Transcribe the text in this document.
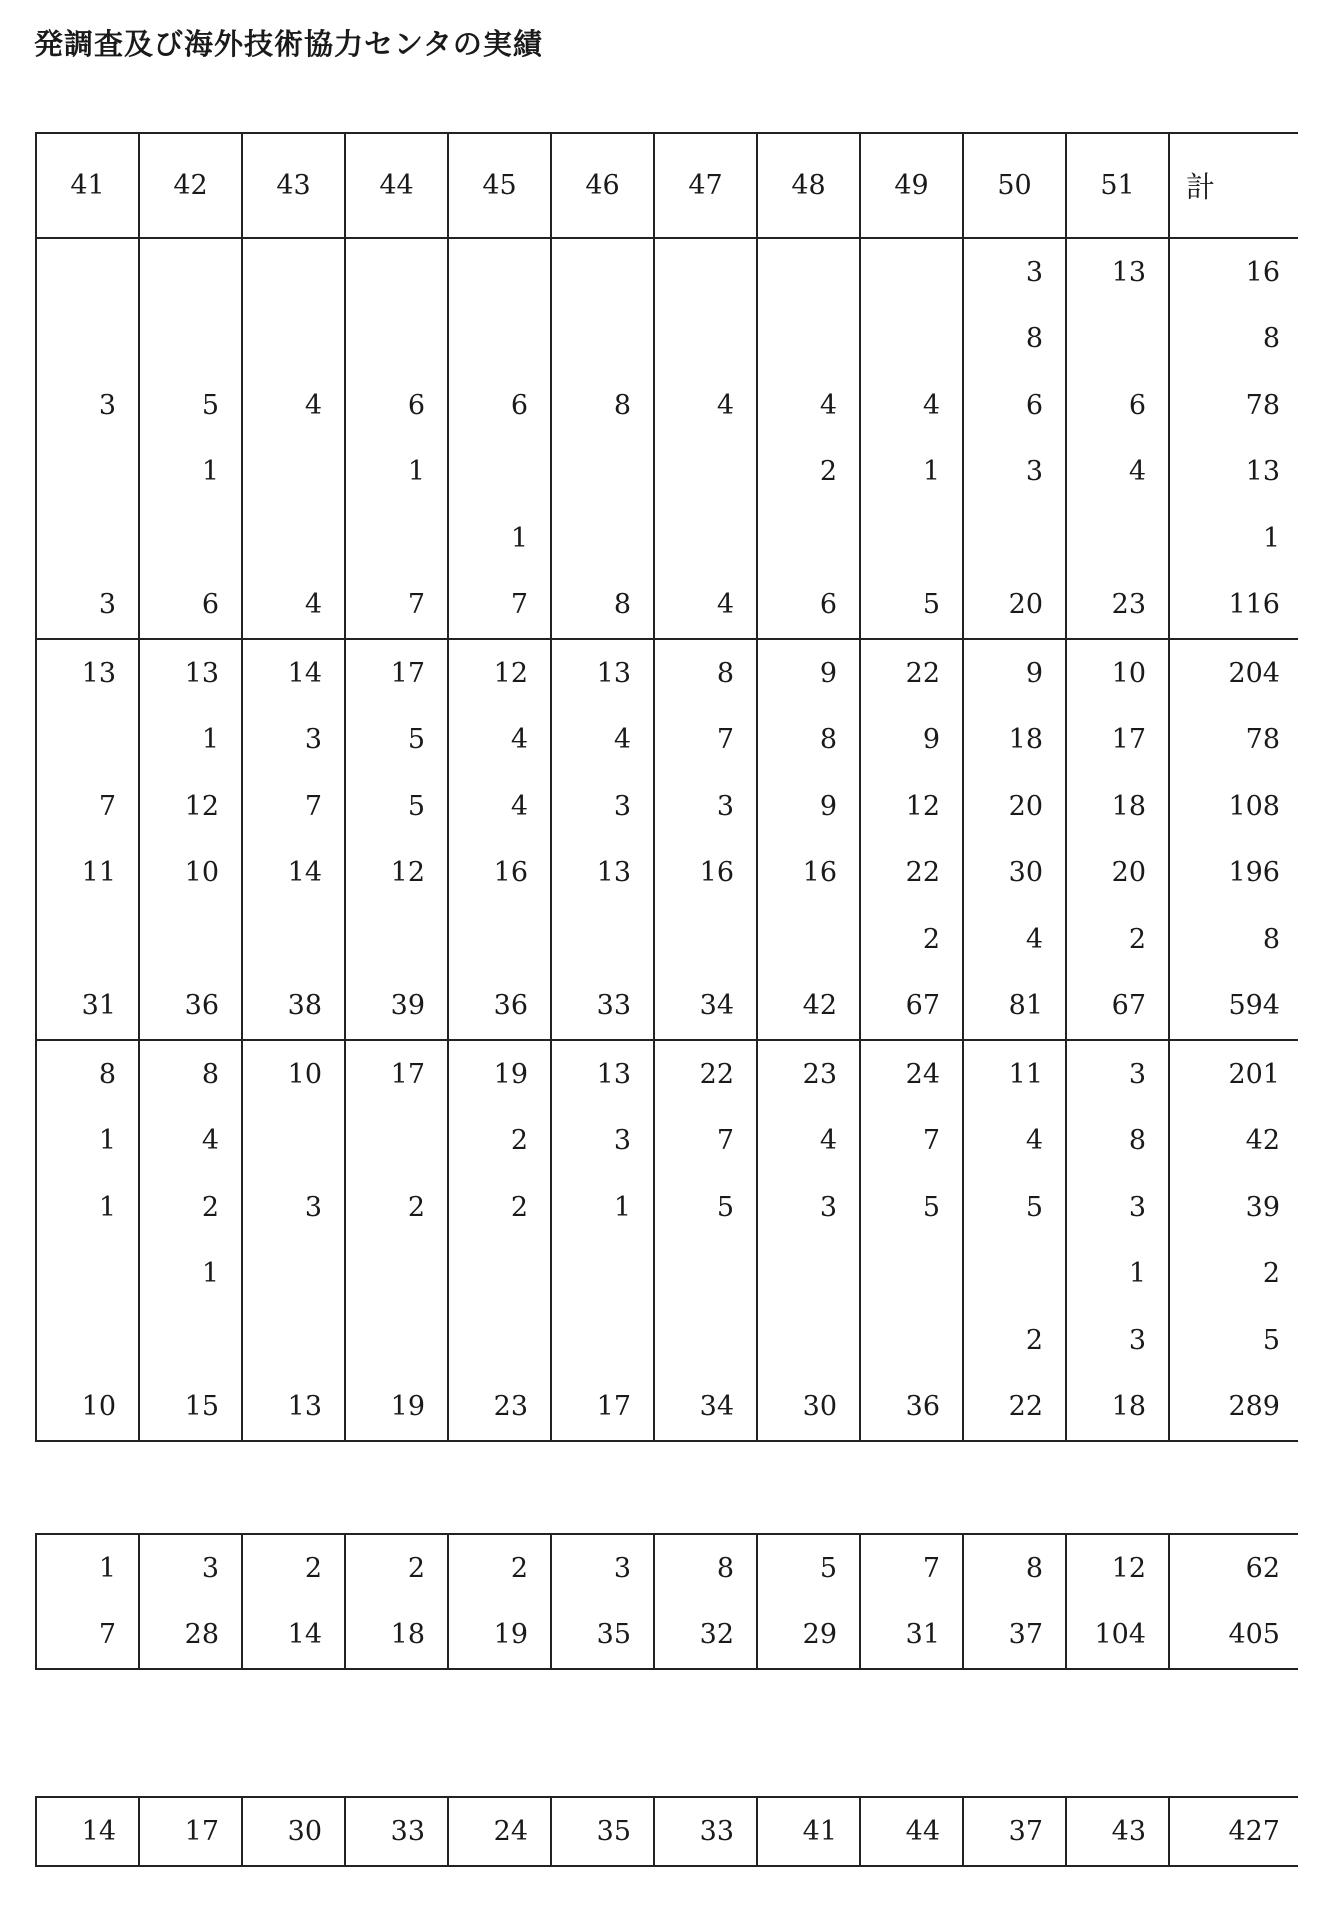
発調査及び海外技術協力センタの実績
41	42	43	44	45	46	47	48	49	50	51	計
									3	13	16
									8		8
3	5	4	6	6	8	4	4	4	6	6	78
	1		1				2	1	3	4	13
				1							1
3	6	4	7	7	8	4	6	5	20	23	116
13	13	14	17	12	13	8	9	22	9	10	204
	1	3	5	4	4	7	8	9	18	17	78
7	12	7	5	4	3	3	9	12	20	18	108
11	10	14	12	16	13	16	16	22	30	20	196
								2	4	2	8
31	36	38	39	36	33	34	42	67	81	67	594
8	8	10	17	19	13	22	23	24	11	3	201
1	4			2	3	7	4	7	4	8	42
1	2	3	2	2	1	5	3	5	5	3	39
	1									1	2
									2	3	5
10	15	13	19	23	17	34	30	36	22	18	289
1	3	2	2	2	3	8	5	7	8	12	62
7	28	14	18	19	35	32	29	31	37	104	405
14	17	30	33	24	35	33	41	44	37	43	427
